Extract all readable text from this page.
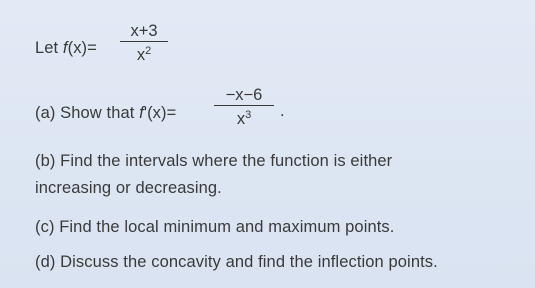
Let f(x)=
x+3
$x^2$
(a) Show that f'(x)=
−x−6
$x^3$ .
(b) Find the intervals where the function is either
increasing or decreasing.
(c) Find the local minimum and maximum points.
(d) Discuss the concavity and find the inflection points.
